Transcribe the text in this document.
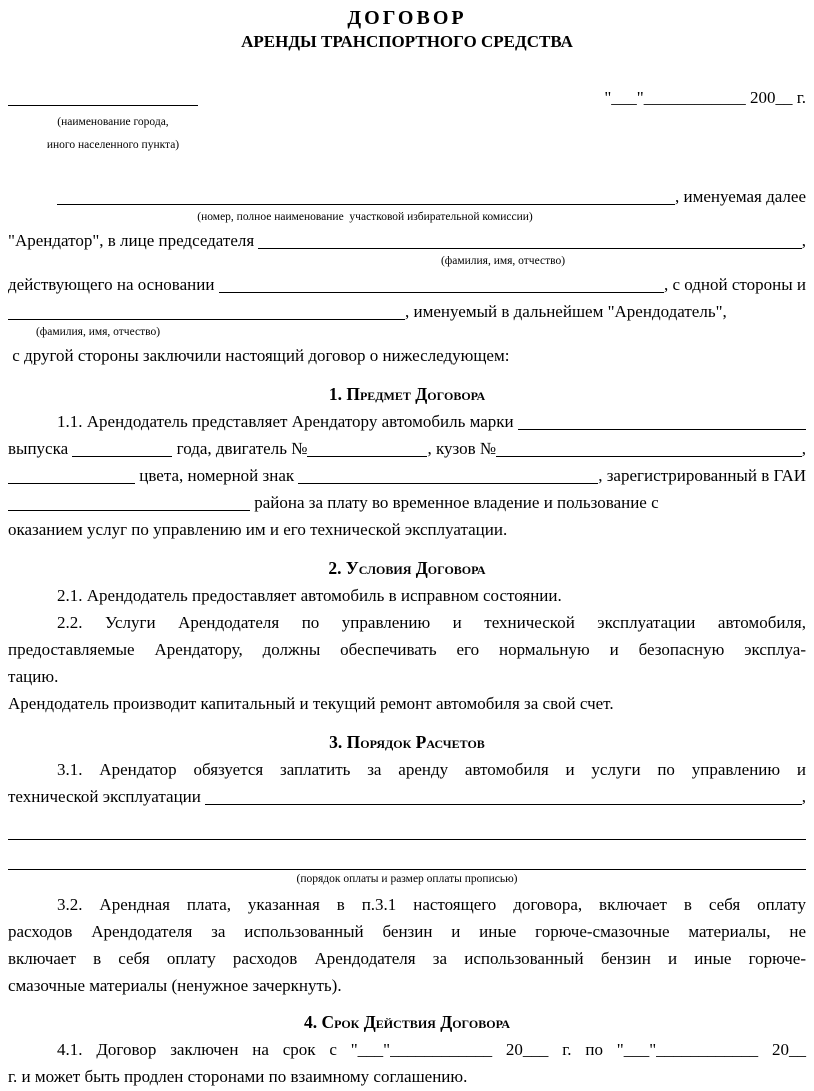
ДОГОВОР
АРЕНДЫ ТРАНСПОРТНОГО СРЕДСТВА
"___"____________ 200__ г.
(наименование города,
иного населенного пункта)
, именуемая далее
(номер, полное наименование  участковой избирательной комиссии)
"Арендатор", в лице председателя	,
(фамилия, имя, отчество)
действующего на основании	, с одной стороны и
, именуемый в дальнейшем "Арендодатель",
(фамилия, имя, отчество)
с другой стороны заключили настоящий договор о нижеследующем:
1. Предмет Договора
1.1. Арендодатель представляет Арендатору автомобиль марки
выпуска	года, двигатель №	, кузов №	,
цвета, номерной знак	, зарегистрированный в ГАИ
района за плату во временное владение и пользование с
оказанием услуг по управлению им и его технической эксплуатации.
2. Условия Договора
2.1. Арендодатель предоставляет автомобиль в исправном состоянии.
2.2. Услуги Арендодателя по управлению и технической эксплуатации автомобиля,
предоставляемые Арендатору, должны обеспечивать его нормальную и безопасную эксплуа-
тацию.
Арендодатель производит капитальный и текущий ремонт автомобиля за свой счет.
3. Порядок Расчетов
3.1. Арендатор обязуется заплатить за аренду автомобиля и услуги по управлению и
технической эксплуатации	,
(порядок оплаты и размер оплаты прописью)
3.2. Арендная плата, указанная в п.3.1 настоящего договора, включает в себя оплату
расходов Арендодателя за использованный бензин и иные горюче-смазочные материалы, не
включает в себя оплату расходов Арендодателя за использованный бензин и иные горюче-
смазочные материалы (ненужное зачеркнуть).
4. Срок Действия Договора
4.1. Договор заключен на срок с "___"____________ 20___ г. по "___"____________ 20__
г. и может быть продлен сторонами по взаимному соглашению.
